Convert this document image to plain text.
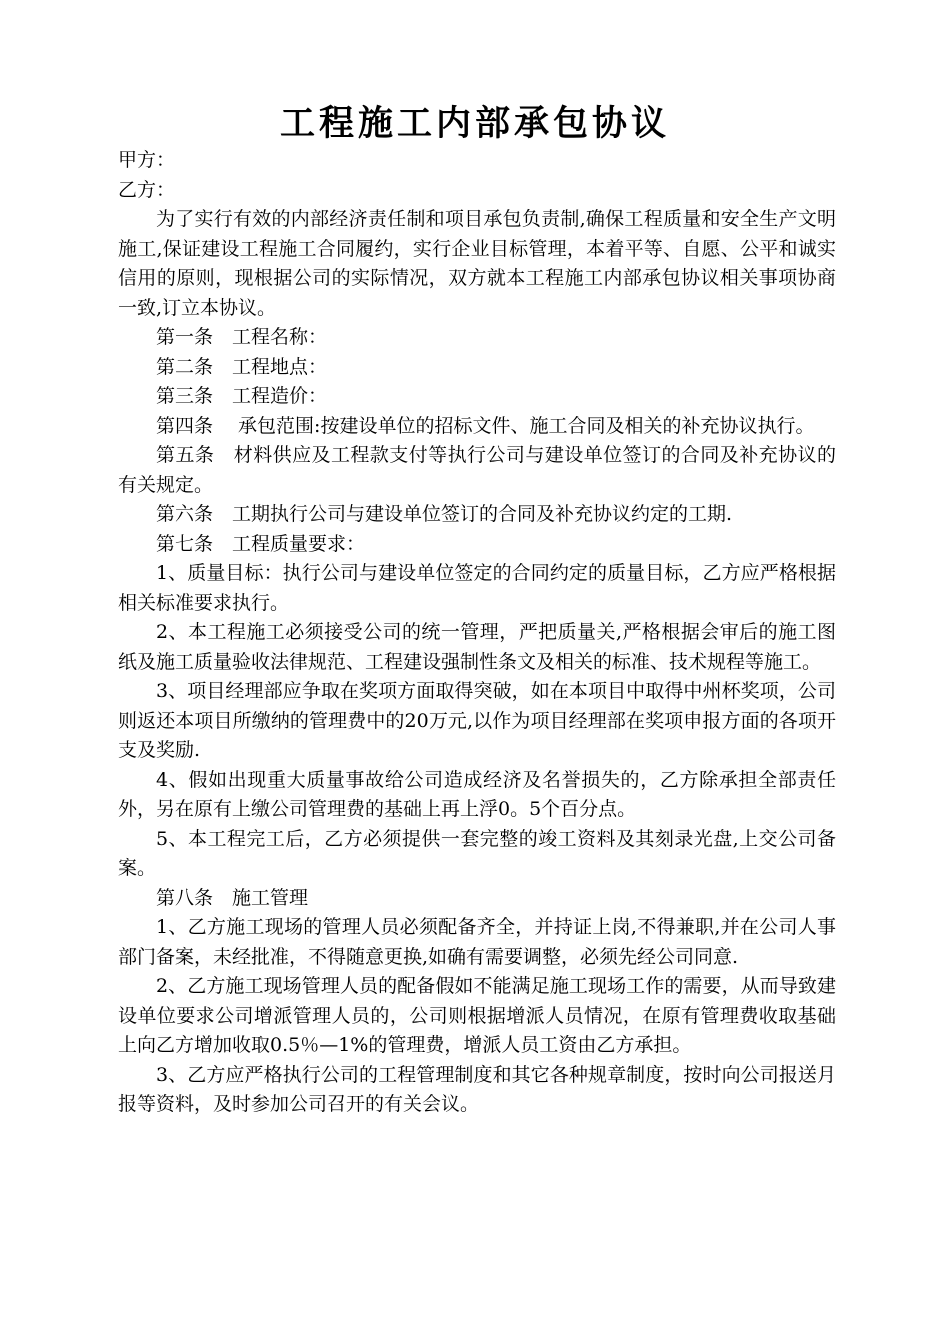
工程施工内部承包协议

甲方：

乙方：

为了实行有效的内部经济责任制和项目承包负责制,确保工程质量和安全生产文明施工,保证建设工程施工合同履约，实行企业目标管理，本着平等、自愿、公平和诚实信用的原则，现根据公司的实际情况，双方就本工程施工内部承包协议相关事项协商一致,订立本协议。

第一条　工程名称：

第二条　工程地点：

第三条　工程造价：

第四条　 承包范围:按建设单位的招标文件、施工合同及相关的补充协议执行。

第五条　材料供应及工程款支付等执行公司与建设单位签订的合同及补充协议的有关规定。

第六条　工期执行公司与建设单位签订的合同及补充协议约定的工期.

第七条　工程质量要求：

1、质量目标：执行公司与建设单位签定的合同约定的质量目标，乙方应严格根据相关标准要求执行。

2、本工程施工必须接受公司的统一管理，严把质量关,严格根据会审后的施工图纸及施工质量验收法律规范、工程建设强制性条文及相关的标准、技术规程等施工。

3、项目经理部应争取在奖项方面取得突破，如在本项目中取得中州杯奖项，公司则返还本项目所缴纳的管理费中的20万元,以作为项目经理部在奖项申报方面的各项开支及奖励.

4、假如出现重大质量事故给公司造成经济及名誉损失的，乙方除承担全部责任外，另在原有上缴公司管理费的基础上再上浮0。5个百分点。

5、本工程完工后，乙方必须提供一套完整的竣工资料及其刻录光盘,上交公司备案。

第八条　施工管理

1、乙方施工现场的管理人员必须配备齐全，并持证上岗,不得兼职,并在公司人事部门备案，未经批准，不得随意更换,如确有需要调整，必须先经公司同意.

2、乙方施工现场管理人员的配备假如不能满足施工现场工作的需要，从而导致建设单位要求公司增派管理人员的，公司则根据增派人员情况，在原有管理费收取基础上向乙方增加收取0.5％—1%的管理费，增派人员工资由乙方承担。

3、乙方应严格执行公司的工程管理制度和其它各种规章制度，按时向公司报送月报等资料，及时参加公司召开的有关会议。
